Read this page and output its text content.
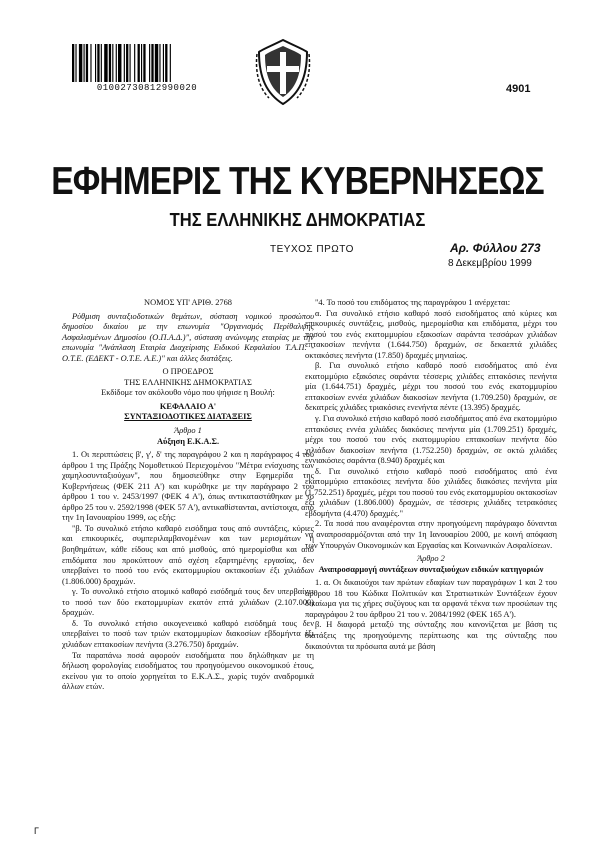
01002730812990020	4901
ΕΦΗΜΕΡΙΣ ΤΗΣ ΚΥΒΕΡΝΗΣΕΩΣ
ΤΗΣ ΕΛΛΗΝΙΚΗΣ ΔΗΜΟΚΡΑΤΙΑΣ
ΤΕΥΧΟΣ ΠΡΩΤΟ	Αρ. Φύλλου 273
8 Δεκεμβρίου 1999

ΝΟΜΟΣ ΥΠ' ΑΡΙΘ. 2768

Ρύθμιση συνταξιοδοτικών θεμάτων, σύσταση νομικού προσώπου δημοσίου δικαίου με την επωνυμία "Οργανισμός Περίθαλψης Ασφαλισμένων Δημοσίου (Ο.Π.Α.Δ.)", σύσταση ανώνυμης εταιρίας με την επωνυμία "Ανάπλαση Εταιρία Διαχείρισης Ειδικού Κεφαλαίου Τ.Α.Π. - Ο.Τ.Ε. (ΕΔΕΚΤ - Ο.Τ.Ε. Α.Ε.)" και άλλες διατάξεις.

Ο ΠΡΟΕΔΡΟΣ

ΤΗΣ ΕΛΛΗΝΙΚΗΣ ΔΗΜΟΚΡΑΤΙΑΣ

Εκδίδομε τον ακόλουθο νόμο που ψήφισε η Βουλή:

ΚΕΦΑΛΑΙΟ Α'

ΣΥΝΤΑΞΙΟΔΟΤΙΚΕΣ ΔΙΑΤΑΞΕΙΣ

Άρθρο 1

Αύξηση Ε.Κ.Α.Σ.

1. Οι περιπτώσεις β', γ', δ' της παραγράφου 2 και η παράγραφος 4 του άρθρου 1 της Πράξης Νομοθετικού Περιεχομένου "Μέτρα ενίσχυσης των χαμηλοσυνταξιούχων", που δημοσιεύθηκε στην Εφημερίδα της Κυβερνήσεως (ΦΕΚ 211 Α') και κυρώθηκε με την παράγραφο 2 του άρθρου 1 του ν. 2453/1997 (ΦΕΚ 4 Α'), όπως αντικαταστάθηκαν με το άρθρο 25 του ν. 2592/1998 (ΦΕΚ 57 Α'), αντικαθίστανται, αντίστοιχα, από την 1η Ιανουαρίου 1999, ως εξής:

"β. Το συνολικό ετήσιο καθαρό εισόδημα τους από συντάξεις, κύριες και επικουρικές, συμπεριλαμβανομένων και των μερισμάτων ή βοηθημάτων, κάθε είδους και από μισθούς, από ημερομίσθια και από επιδόματα που προκύπτουν από σχέση εξαρτημένης εργασίας, δεν υπερβαίνει το ποσό του ενός εκατομμυρίου οκτακοσίων έξι χιλιάδων (1.806.000) δραχμών.

γ. Το συνολικό ετήσιο ατομικό καθαρό εισόδημά τους δεν υπερβαίνει το ποσό των δύο εκατομμυρίων εκατόν επτά χιλιάδων (2.107.000) δραχμών.

δ. Το συνολικό ετήσιο οικογενειακό καθαρό εισόδημά τους δεν υπερβαίνει το ποσό των τριών εκατομμυρίων διακοσίων εβδομήντα έξι χιλιάδων επτακοσίων πενήντα (3.276.750) δραχμών.

Τα παραπάνω ποσά αφορούν εισοδήματα που δηλώθηκαν με τη δήλωση φορολογίας εισοδήματος του προηγούμενου οικονομικού έτους, εκείνου για το οποίο χορηγείται το Ε.Κ.Α.Σ., χωρίς τυχόν αναδρομικά άλλων ετών.

"4. Το ποσό του επιδόματος της παραγράφου 1 ανέρχεται:

α. Για συνολικό ετήσιο καθαρό ποσό εισοδήματος από κύριες και επικουρικές συντάξεις, μισθούς, ημερομίσθια και επιδόματα, μέχρι του ποσού του ενός εκατομμυρίου εξακοσίων σαράντα τεσσάρων χιλιάδων επτακοσίων πενήντα (1.644.750) δραχμών, σε δεκαεπτά χιλιάδες οκτακόσιες πενήντα (17.850) δραχμές μηνιαίως.

β. Για συνολικό ετήσιο καθαρό ποσό εισοδήματος από ένα εκατομμύριο εξακόσιες σαράντα τέσσερις χιλιάδες επτακόσιες πενήντα μία (1.644.751) δραχμές, μέχρι του ποσού του ενός εκατομμυρίου επτακοσίων εννέα χιλιάδων διακοσίων πενήντα (1.709.250) δραχμών, σε δεκατρείς χιλιάδες τριακόσιες ενενήντα πέντε (13.395) δραχμές.

γ. Για συνολικό ετήσιο καθαρό ποσό εισοδήματος από ένα εκατομμύριο επτακόσιες εννέα χιλιάδες διακόσιες πενήντα μία (1.709.251) δραχμές, μέχρι του ποσού του ενός εκατομμυρίου επτακοσίων πενήντα δύο χιλιάδων διακοσίων πενήντα (1.752.250) δραχμών, σε οκτώ χιλιάδες εννιακόσιες σαράντα (8.940) δραχμές και

δ. Για συνολικό ετήσιο καθαρό ποσό εισοδήματος από ένα εκατομμύριο επτακόσιες πενήντα δύο χιλιάδες διακόσιες πενήντα μία (1.752.251) δραχμές, μέχρι του ποσού του ενός εκατομμυρίου οκτακοσίων έξι χιλιάδων (1.806.000) δραχμών, σε τέσσερις χιλιάδες τετρακόσιες εβδομήντα (4.470) δραχμές."

2. Τα ποσά που αναφέρονται στην προηγούμενη παράγραφο δύνανται να αναπροσαρμόζονται από την 1η Ιανουαρίου 2000, με κοινή απόφαση των Υπουργών Οικονομικών και Εργασίας και Κοινωνικών Ασφαλίσεων.

Άρθρο 2

Αναπροσαρμογή συντάξεων συνταξιούχων ειδικών κατηγοριών

1. α. Οι δικαιούχοι των πρώτων εδαφίων των παραγράφων 1 και 2 του άρθρου 18 του Κώδικα Πολιτικών και Στρατιωτικών Συντάξεων έχουν δικαίωμα για τις χήρες συζύγους και τα ορφανά τέκνα των προσώπων της παραγράφου 2 του άρθρου 21 του ν. 2084/1992 (ΦΕΚ 165 Α').

β. Η διαφορά μεταξύ της σύνταξης που κανονίζεται με βάση τις διατάξεις της προηγούμενης περίπτωσης και της σύνταξης που δικαιούνται τα πρόσωπα αυτά με βάση

Γ
